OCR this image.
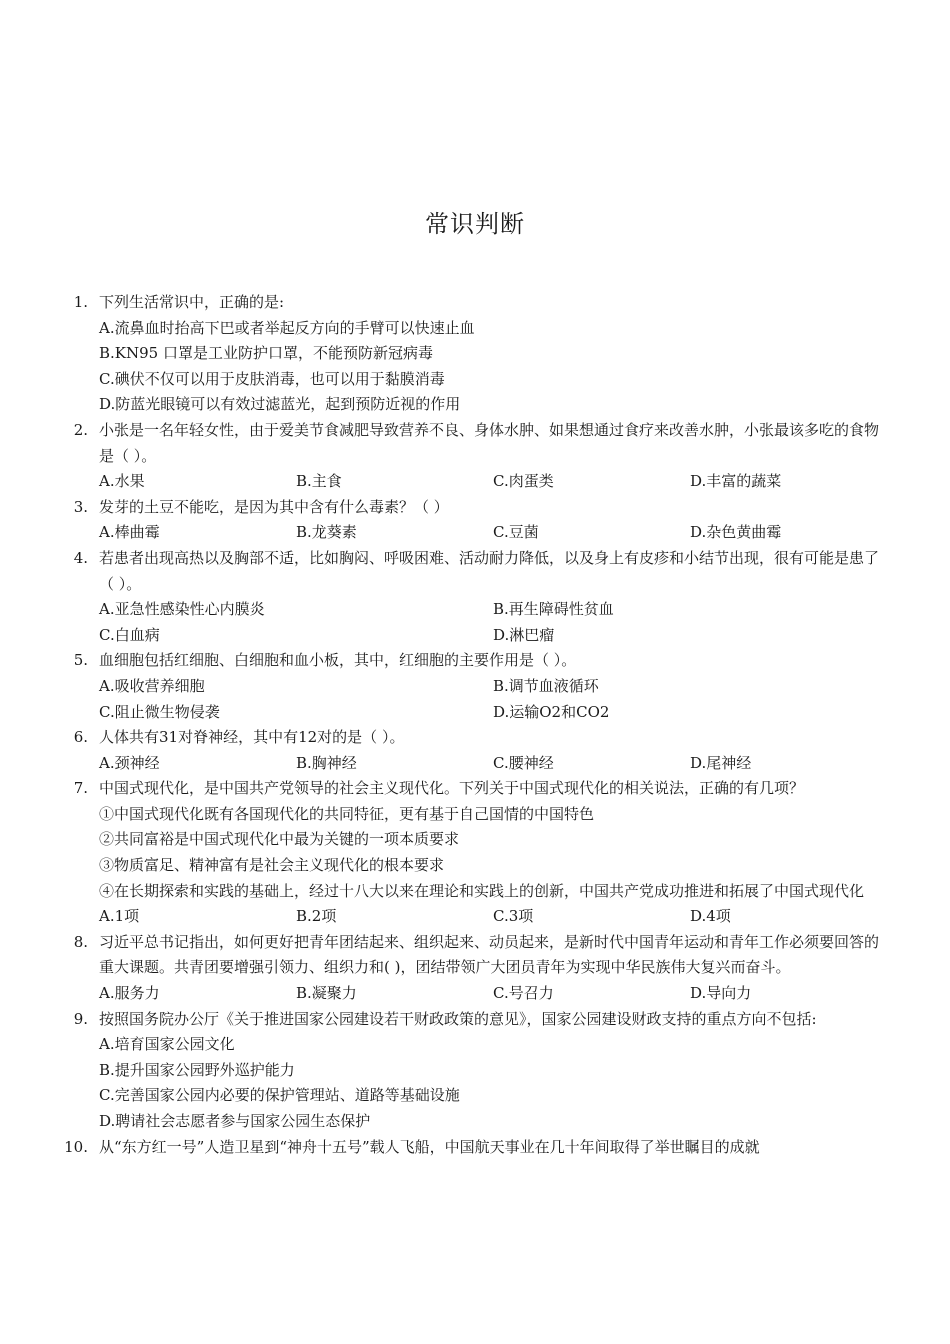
常识判断
1. 下列生活常识中，正确的是:
A.流鼻血时抬高下巴或者举起反方向的手臂可以快速止血
B.KN95 口罩是工业防护口罩，不能预防新冠病毒
C.碘伏不仅可以用于皮肤消毒，也可以用于黏膜消毒
D.防蓝光眼镜可以有效过滤蓝光，起到预防近视的作用
2. 小张是一名年轻女性，由于爱美节食减肥导致营养不良、身体水肿、如果想通过食疗来改善水肿，小张最该多吃的食物是（ ）。
A.水果	B.主食	C.肉蛋类	D.丰富的蔬菜
3. 发芽的土豆不能吃，是因为其中含有什么毒素？（ ）
A.棒曲霉	B.龙葵素	C.豆菌	D.杂色黄曲霉
4. 若患者出现高热以及胸部不适，比如胸闷、呼吸困难、活动耐力降低，以及身上有皮疹和小结节出现，很有可能是患了（ ）。
A.亚急性感染性心内膜炎	B.再生障碍性贫血
C.白血病	D.淋巴瘤
5. 血细胞包括红细胞、白细胞和血小板，其中，红细胞的主要作用是（ ）。
A.吸收营养细胞	B.调节血液循环
C.阻止微生物侵袭	D.运输O2和CO2
6. 人体共有31对脊神经，其中有12对的是（ ）。
A.颈神经	B.胸神经	C.腰神经	D.尾神经
7. 中国式现代化，是中国共产党领导的社会主义现代化。下列关于中国式现代化的相关说法，正确的有几项？
①中国式现代化既有各国现代化的共同特征，更有基于自己国情的中国特色
②共同富裕是中国式现代化中最为关键的一项本质要求
③物质富足、精神富有是社会主义现代化的根本要求
④在长期探索和实践的基础上，经过十八大以来在理论和实践上的创新，中国共产党成功推进和拓展了中国式现代化
A.1项	B.2项	C.3项	D.4项
8. 习近平总书记指出，如何更好把青年团结起来、组织起来、动员起来，是新时代中国青年运动和青年工作必须要回答的重大课题。共青团要增强引领力、组织力和( )，团结带领广大团员青年为实现中华民族伟大复兴而奋斗。
A.服务力	B.凝聚力	C.号召力	D.导向力
9. 按照国务院办公厅《关于推进国家公园建设若干财政政策的意见》，国家公园建设财政支持的重点方向不包括:
A.培育国家公园文化
B.提升国家公园野外巡护能力
C.完善国家公园内必要的保护管理站、道路等基础设施
D.聘请社会志愿者参与国家公园生态保护
10. 从“东方红一号”人造卫星到“神舟十五号”载人飞船，中国航天事业在几十年间取得了举世瞩目的成就
